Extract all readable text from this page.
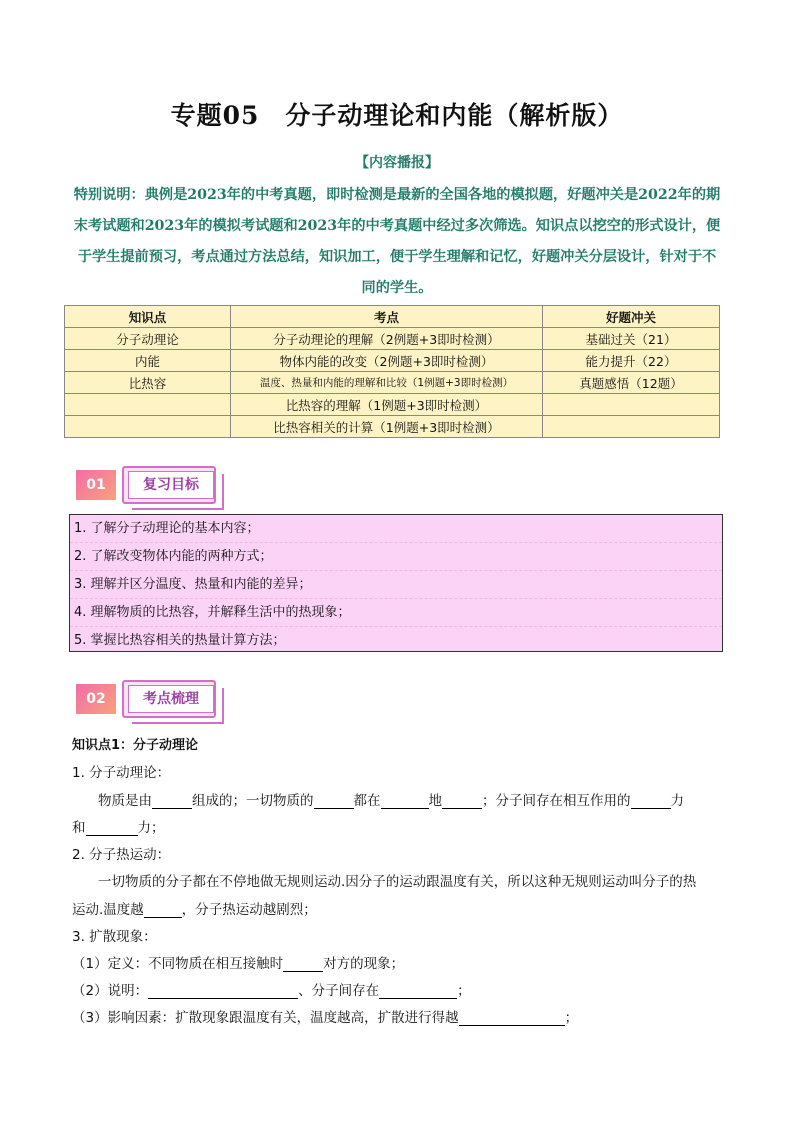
专题05　分子动理论和内能（解析版）
【内容播报】
特别说明：典例是2023年的中考真题，即时检测是最新的全国各地的模拟题，好题冲关是2022年的期末考试题和2023年的模拟考试题和2023年的中考真题中经过多次筛选。知识点以挖空的形式设计，便于学生提前预习，考点通过方法总结，知识加工，便于学生理解和记忆，好题冲关分层设计，针对于不同的学生。
知识点	考点	好题冲关
分子动理论	分子动理论的理解（2例题+3即时检测）	基础过关（21）
内能	物体内能的改变（2例题+3即时检测）	能力提升（22）
比热容	温度、热量和内能的理解和比较（1例题+3即时检测）	真题感悟（12题）
	比热容的理解（1例题+3即时检测）	
	比热容相关的计算（1例题+3即时检测）	
01	复习目标
1. 了解分子动理论的基本内容；
2. 了解改变物体内能的两种方式；
3. 理解并区分温度、热量和内能的差异；
4. 理解物质的比热容，并解释生活中的热现象；
5. 掌握比热容相关的热量计算方法；
02	考点梳理
知识点1：分子动理论
1. 分子动理论：
物质是由	组成的；一切物质的	都在	地	；分子间存在相互作用的	力
和	力；
2. 分子热运动：
一切物质的分子都在不停地做无规则运动.因分子的运动跟温度有关，所以这种无规则运动叫分子的热
运动.温度越	，分子热运动越剧烈；
3. 扩散现象：
（1）定义：不同物质在相互接触时	对方的现象；
（2）说明：	、分子间存在	；
（3）影响因素：扩散现象跟温度有关，温度越高，扩散进行得越	；
